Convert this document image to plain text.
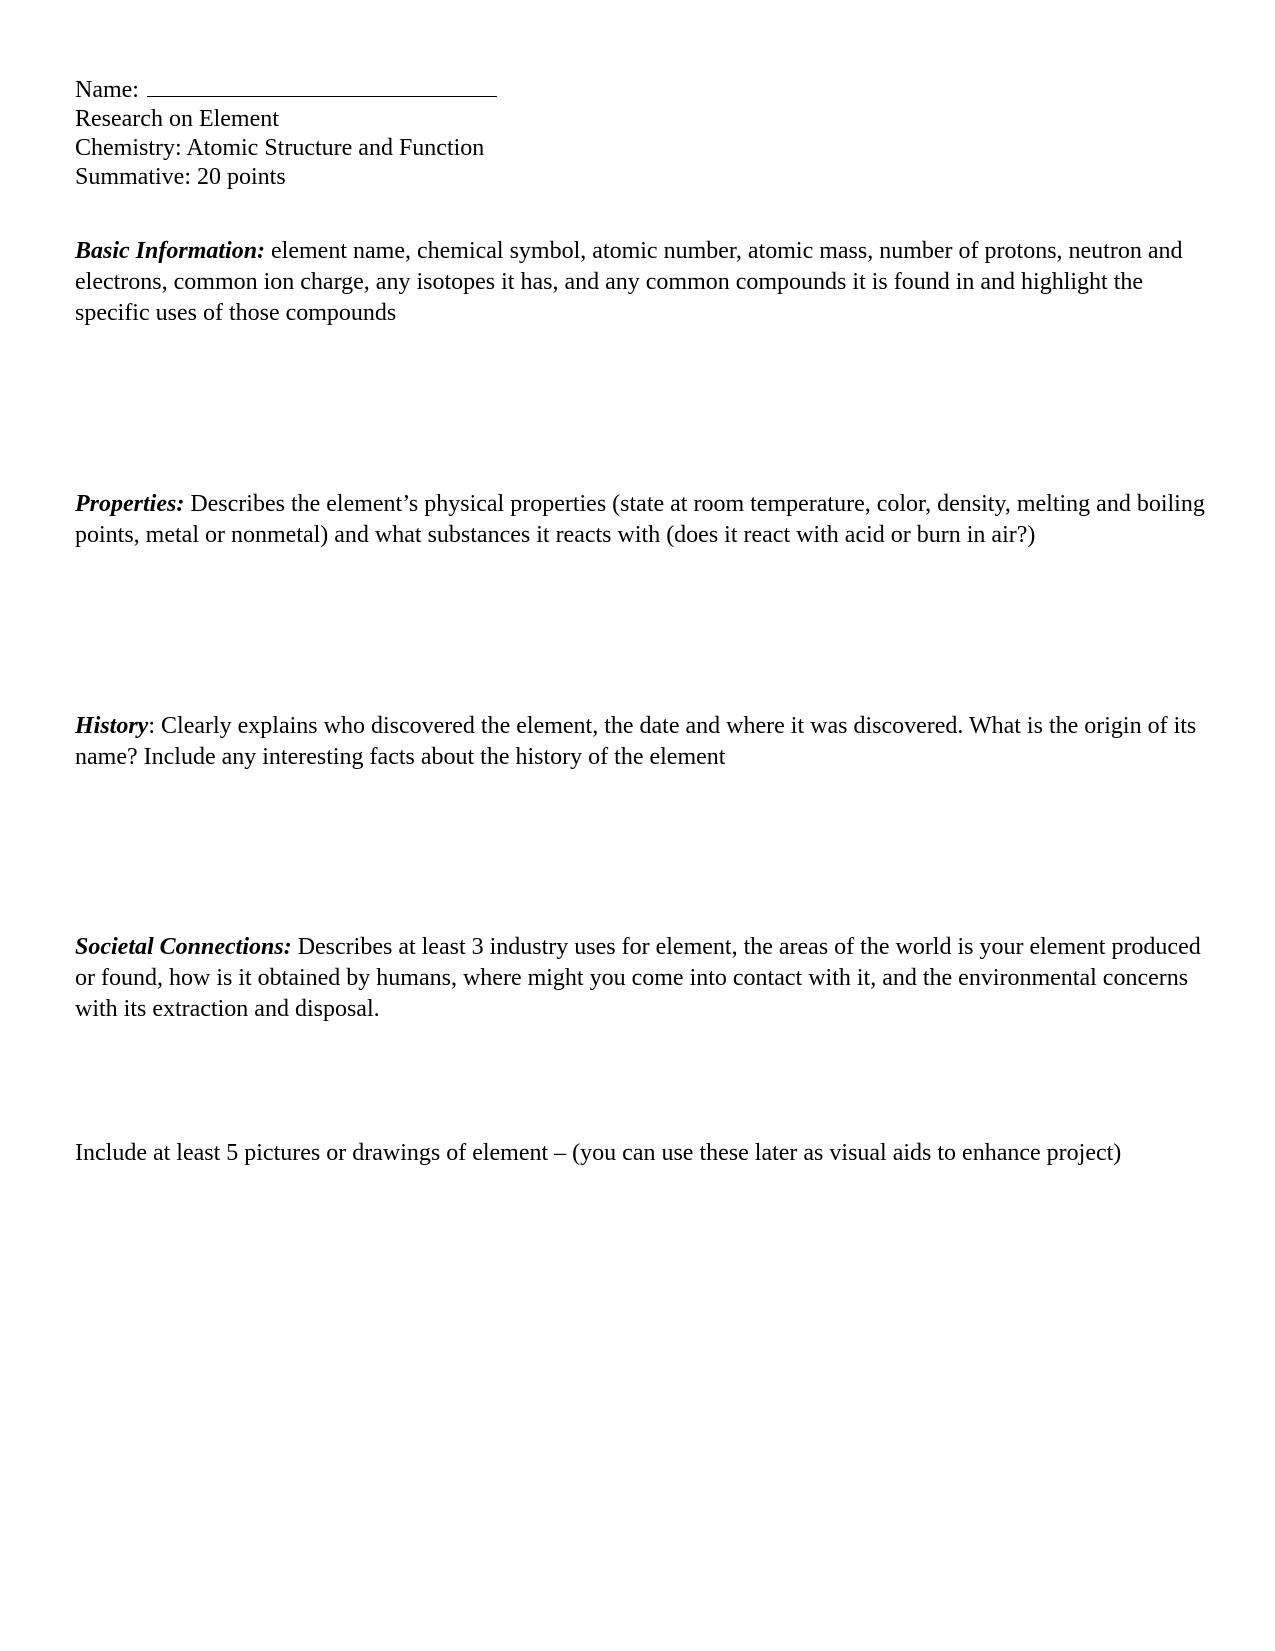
Name:
Research on Element
Chemistry: Atomic Structure and Function
Summative: 20 points
Basic Information: element name, chemical symbol, atomic number, atomic mass, number of protons, neutron and electrons, common ion charge, any isotopes it has, and any common compounds it is found in and highlight the specific uses of those compounds
Properties: Describes the element’s physical properties (state at room temperature, color, density, melting and boiling points, metal or nonmetal) and what substances it reacts with (does it react with acid or burn in air?)
History: Clearly explains who discovered the element, the date and where it was discovered. What is the origin of its name? Include any interesting facts about the history of the element
Societal Connections: Describes at least 3 industry uses for element, the areas of the world is your element produced or found, how is it obtained by humans, where might you come into contact with it, and the environmental concerns with its extraction and disposal.
Include at least 5 pictures or drawings of element – (you can use these later as visual aids to enhance project)
